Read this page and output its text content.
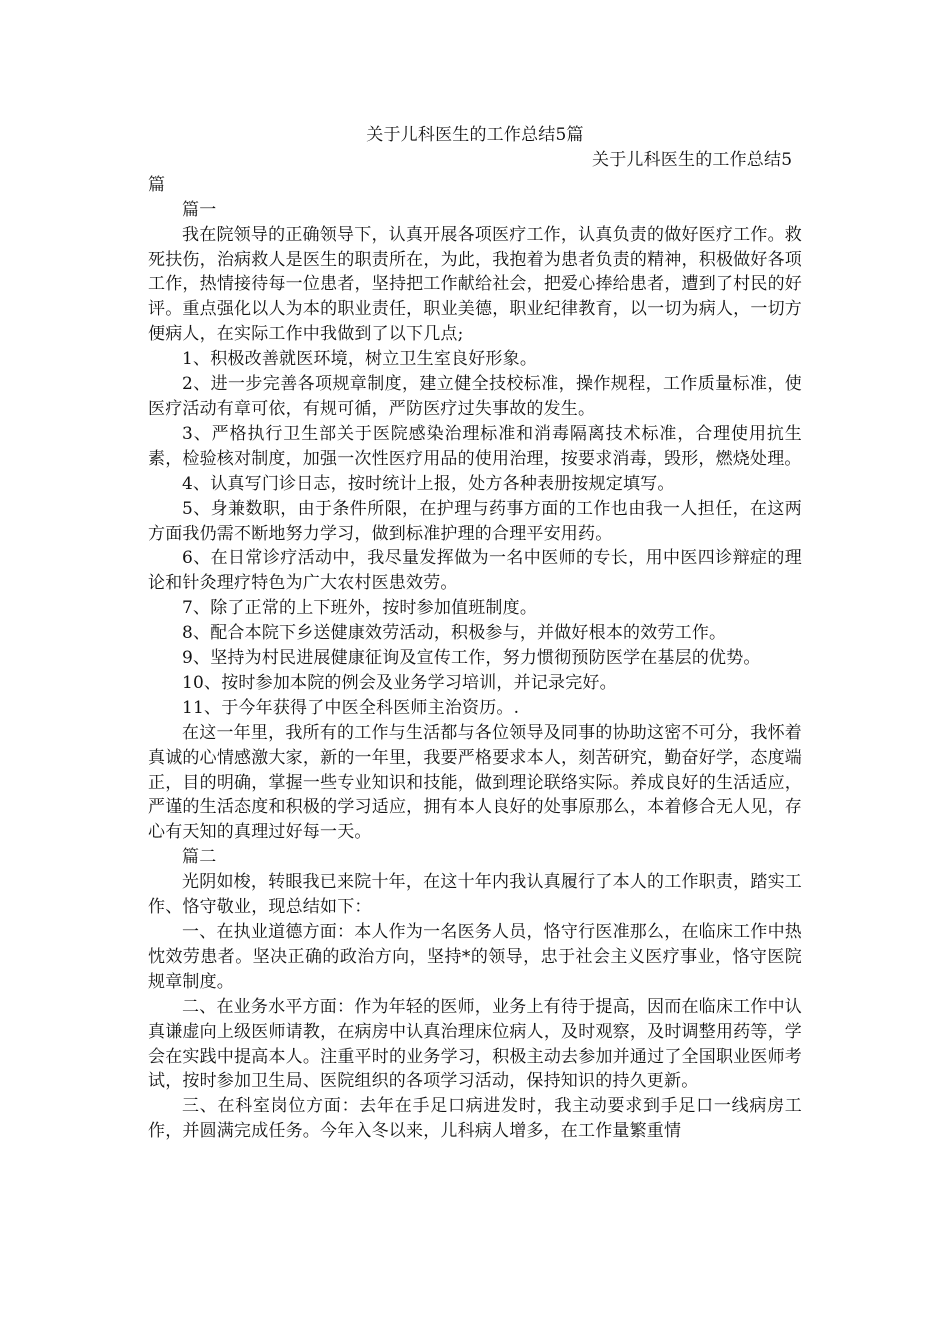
关于儿科医生的工作总结5篇

关于儿科医生的工作总结5篇

篇一

我在院领导的正确领导下，认真开展各项医疗工作，认真负责的做好医疗工作。救死扶伤，治病救人是医生的职责所在，为此，我抱着为患者负责的精神，积极做好各项工作，热情接待每一位患者，坚持把工作献给社会，把爱心捧给患者，遭到了村民的好评。重点强化以人为本的职业责任，职业美德，职业纪律教育，以一切为病人，一切方便病人，在实际工作中我做到了以下几点;

1、积极改善就医环境，树立卫生室良好形象。

2、进一步完善各项规章制度，建立健全技校标准，操作规程，工作质量标准，使医疗活动有章可依，有规可循，严防医疗过失事故的发生。

3、严格执行卫生部关于医院感染治理标准和消毒隔离技术标准，合理使用抗生素，检验核对制度，加强一次性医疗用品的使用治理，按要求消毒，毁形，燃烧处理。

4、认真写门诊日志，按时统计上报，处方各种表册按规定填写。

5、身兼数职，由于条件所限，在护理与药事方面的工作也由我一人担任，在这两方面我仍需不断地努力学习，做到标准护理的合理平安用药。

6、在日常诊疗活动中，我尽量发挥做为一名中医师的专长，用中医四诊辩症的理论和针灸理疗特色为广大农村医患效劳。

7、除了正常的上下班外，按时参加值班制度。

8、配合本院下乡送健康效劳活动，积极参与，并做好根本的效劳工作。

9、坚持为村民进展健康征询及宣传工作，努力惯彻预防医学在基层的优势。

10、按时参加本院的例会及业务学习培训，并记录完好。

11、于今年获得了中医全科医师主治资历。.

在这一年里，我所有的工作与生活都与各位领导及同事的协助这密不可分，我怀着真诚的心情感激大家，新的一年里，我要严格要求本人，刻苦研究，勤奋好学，态度端正，目的明确，掌握一些专业知识和技能，做到理论联络实际。养成良好的生活适应，严谨的生活态度和积极的学习适应，拥有本人良好的处事原那么，本着修合无人见，存心有天知的真理过好每一天。

篇二

光阴如梭，转眼我已来院十年，在这十年内我认真履行了本人的工作职责，踏实工作、恪守敬业，现总结如下：

一、在执业道德方面：本人作为一名医务人员，恪守行医准那么，在临床工作中热忱效劳患者。坚决正确的政治方向，坚持*的领导，忠于社会主义医疗事业，恪守医院规章制度。

二、在业务水平方面：作为年轻的医师，业务上有待于提高，因而在临床工作中认真谦虚向上级医师请教，在病房中认真治理床位病人，及时观察，及时调整用药等，学会在实践中提高本人。注重平时的业务学习，积极主动去参加并通过了全国职业医师考试，按时参加卫生局、医院组织的各项学习活动，保持知识的持久更新。

三、在科室岗位方面：去年在手足口病进发时，我主动要求到手足口一线病房工作，并圆满完成任务。今年入冬以来，儿科病人增多，在工作量繁重情
